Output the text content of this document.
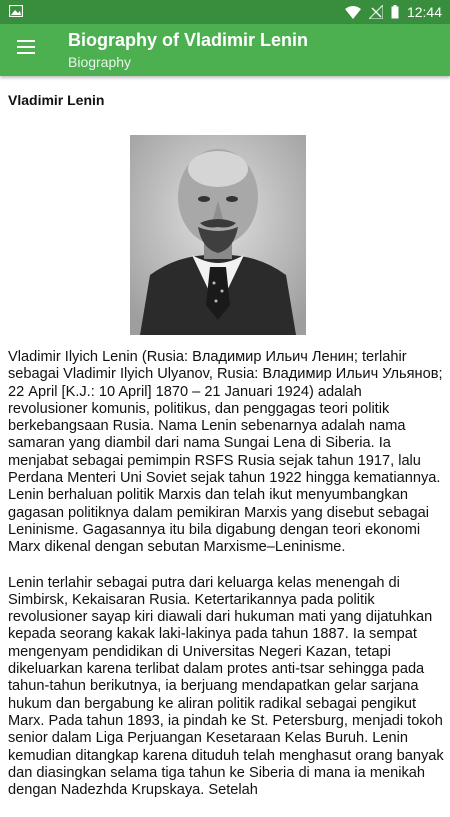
12:44
Biography of Vladimir Lenin
Biography
Vladimir Lenin

Vladimir Ilyich Lenin (Rusia: Владимир Ильич Ленин; terlahir sebagai Vladimir Ilyich Ulyanov, Rusia: Владимир Ильич Ульянов; 22 April [K.J.: 10 April] 1870 – 21 Januari 1924) adalah revolusioner komunis, politikus, dan penggagas teori politik berkebangsaan Rusia. Nama Lenin sebenarnya adalah nama samaran yang diambil dari nama Sungai Lena di Siberia. Ia menjabat sebagai pemimpin RSFS Rusia sejak tahun 1917, lalu Perdana Menteri Uni Soviet sejak tahun 1922 hingga kematiannya. Lenin berhaluan politik Marxis dan telah ikut menyumbangkan gagasan politiknya dalam pemikiran Marxis yang disebut sebagai Leninisme. Gagasannya itu bila digabung dengan teori ekonomi Marx dikenal dengan sebutan Marxisme–Leninisme.

Lenin terlahir sebagai putra dari keluarga kelas menengah di Simbirsk, Kekaisaran Rusia. Ketertarikannya pada politik revolusioner sayap kiri diawali dari hukuman mati yang dijatuhkan kepada seorang kakak laki-lakinya pada tahun 1887. Ia sempat mengenyam pendidikan di Universitas Negeri Kazan, tetapi dikeluarkan karena terlibat dalam protes anti-tsar sehingga pada tahun-tahun berikutnya, ia berjuang mendapatkan gelar sarjana hukum dan bergabung ke aliran politik radikal sebagai pengikut Marx. Pada tahun 1893, ia pindah ke St. Petersburg, menjadi tokoh senior dalam Liga Perjuangan Kesetaraan Kelas Buruh. Lenin kemudian ditangkap karena dituduh telah menghasut orang banyak dan diasingkan selama tiga tahun ke Siberia di mana ia menikah dengan Nadezhda Krupskaya. Setelah
